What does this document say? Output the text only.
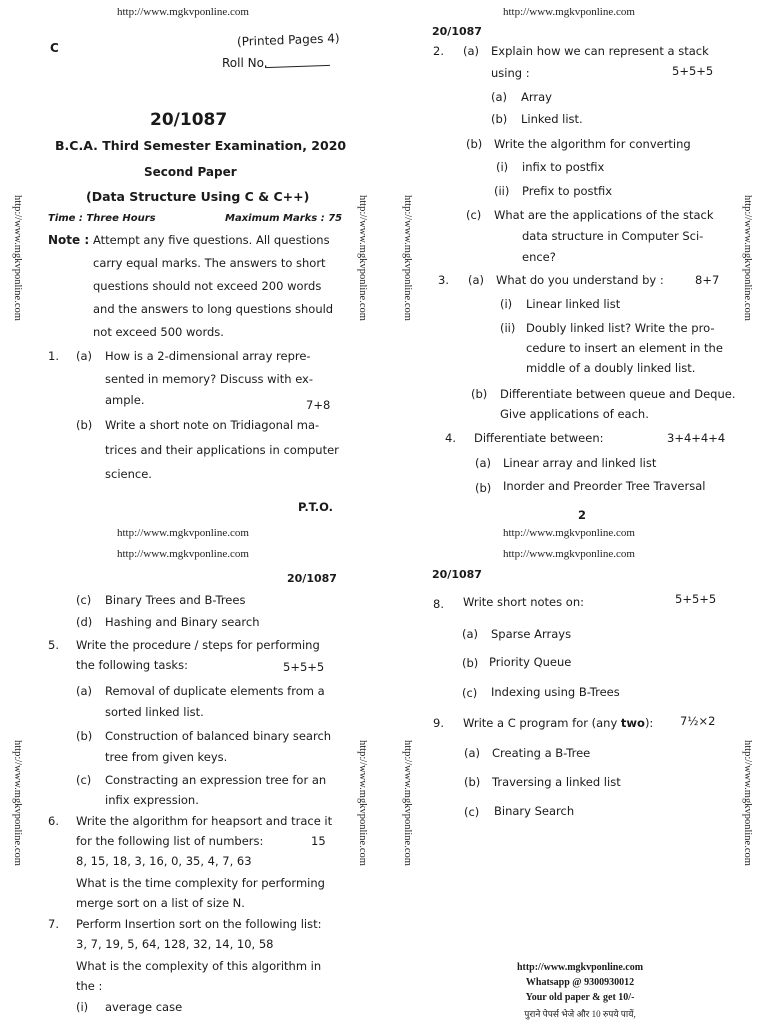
http://www.mgkvponline.com	http://www.mgkvponline.com
http://www.mgkvponline.com
http://www.mgkvponline.com
http://www.mgkvponline.com	http://www.mgkvponline.com
http://www.mgkvponline.com	http://www.mgkvponline.com
http://www.mgkvponline.com
http://www.mgkvponline.com
C	(Printed Pages 4)
Roll No.
20/1087
B.C.A. Third Semester Examination, 2020
Second Paper
(Data Structure Using C & C++)
Time : Three Hours	Maximum Marks : 75
Note : Attempt any five questions. All questions
carry equal marks. The answers to short
questions should not exceed 200 words
and the answers to long questions should
not exceed 500 words.
1. (a) How is a 2-dimensional array repre-
sented in memory? Discuss with ex-
ample.	7+8
(b) Write a short note on Tridiagonal ma-
trices and their applications in computer
science.
P.T.O.
20/1087
2. (a) Explain how we can represent a stack
using :	5+5+5
(a) Array
(b) Linked list.
(b) Write the algorithm for converting
(i) infix to postfix
(ii) Prefix to postfix
(c) What are the applications of the stack
data structure in Computer Sci-
ence?
3. (a) What do you understand by :	8+7
(i) Linear linked list
(ii) Doubly linked list? Write the pro-
cedure to insert an element in the
middle of a doubly linked list.
(b) Differentiate between queue and Deque.
Give applications of each.
4. Differentiate between:	3+4+4+4
(a) Linear array and linked list
(b) Inorder and Preorder Tree Traversal
2
http://www.mgkvponline.com
http://www.mgkvponline.com
http://www.mgkvponline.com
http://www.mgkvponline.com
20/1087
(c) Binary Trees and B-Trees
(d) Hashing and Binary search
5. Write the procedure / steps for performing
the following tasks:	5+5+5
(a) Removal of duplicate elements from a
sorted linked list.
(b) Construction of balanced binary search
tree from given keys.
(c) Constracting an expression tree for an
infix expression.
6. Write the algorithm for heapsort and trace it
for the following list of numbers:	15
8, 15, 18, 3, 16, 0, 35, 4, 7, 63
What is the time complexity for performing
merge sort on a list of size N.
7. Perform Insertion sort on the following list:
3, 7, 19, 5, 64, 128, 32, 14, 10, 58
What is the complexity of this algorithm in
the :
(i) average case
20/1087
8. Write short notes on:	5+5+5
(a) Sparse Arrays
(b) Priority Queue
(c) Indexing using B-Trees
9. Write a C program for (any two): 7½×2
(a) Creating a B-Tree
(b) Traversing a linked list
(c) Binary Search
http://www.mgkvponline.com
Whatsapp @ 9300930012
Your old paper & get 10/-
पुराने पेपर्स भेजे और 10 रुपये पायें,
